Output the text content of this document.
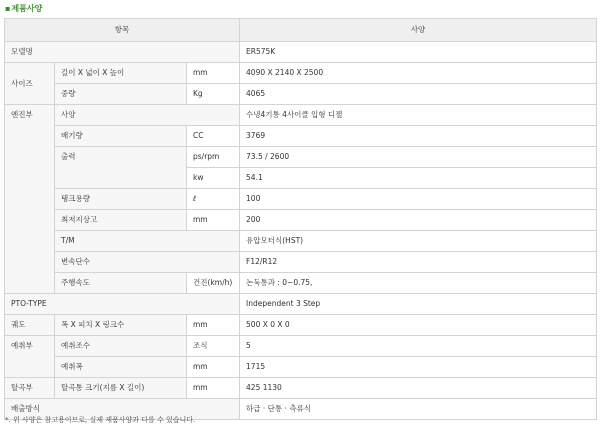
▪제품사양
항목			사양
모델명			ER575K
사이즈	길이 X 넓이 X 높이	mm	4090 X 2140 X 2500
	중량	Kg	4065
엔진부	사양		수냉4기통 4사이클 입형 디젤
	배기량	CC	3769
	출력	ps/rpm	73.5 / 2600
		kw	54.1
	탱크용량	ℓ	100
	최저지상고	mm	200
	T/M		유압모터식(HST)
	변속단수		F12/R12
	주행속도	건진(km/h)	논둑통과 : 0~0.75,
PTO-TYPE			Independent 3 Step
궤도	폭 X 피치 X 링크수	mm	500 X 0 X 0
예취부	예취조수	조식	5
	예취폭	mm	1715
탈곡부	탈곡통 크기(지름 X 길이)	mm	425 1130
배출방식			하급 · 단통 · 측류식
*. 위 사양은 참고용이므로, 실제 제품사양과 다를 수 있습니다.
